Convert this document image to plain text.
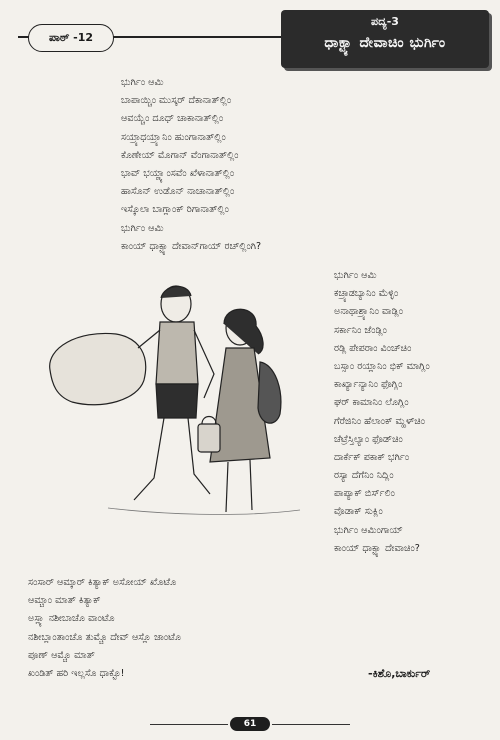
ಪಾಠ್ -12
ಪದ್ಯ-3
ಧಾಕ್ಟ್ಯಾ ದೇವಾಚಿಂ ಭುರ್ಗಿಂ
ಭುರ್ಗಿಂ ಆಮಿ
ಬಾಪಾಯ್ಚಿಂ ಮುಸ್ಕರ್ ದೆಕಾನಾತ್‌ಲ್ಲಿಂ
ಆವಯ್ಚೆಂ ದೂಧ್ ಚಾಕಾನಾತ್‌ಲ್ಲಿಂ
ಸಯ್ರ್ಯಾಧಯ್ರ್ಯಾನಿಂ ಹುಂಗಾನಾತ್‌ಲ್ಲಿಂ
ಕೊಣೇಯ್ ಮೊಗಾನ್ ವೆಂಗಾನಾತ್‌ಲ್ಲಿಂ
ಭಾವ್ ಭಯ್ಣ್ಯಾಂಸವೆಂ ಖೆಳಾನಾತ್‌ಲ್ಲಿಂ
ಹಾಸೊನ್ ಉಡೊನ್ ನಾಚಾನಾತ್‌ಲ್ಲಿಂ
ಇಸ್ಕೊಲಾ ಬಾಗ್ಲಾಂಕ್ ರಿಗಾನಾತ್‌ಲ್ಲಿಂ
ಭುರ್ಗಿಂ ಆಮಿ
ಕಾಂಯ್ ಧಾಕ್ಟ್ಯಾ ದೇವಾನ್‌ಗಾಯ್ ರಚ್‌ಲ್ಲಿಂಗಿ?
ಭುರ್ಗಿಂ ಆಮಿ
ಕಚ್ರ್ಯಾಡಬ್ಯಾನಿಂ ಮೆಳ್ಳಿಂ
ಅನಾಥಾಶ್ರ್ಯಾನಿಂ ವಾಡ್ಲಿಂ
ಸರ್ಕಾನಿಂ ಜೆಂಡ್ಲಿಂ
ರಡ್ಲಿ ಪೇಪರಾಂ ವಿಂಚ್‌ಚಿಂ
ಬಸ್ಸಾಂ ರಯ್ಲಾನಿಂ ಭಿಕ್ ಮಾಗ್ಲಿಂ
ಕಾರ್ಖ್ಯಾನ್ಯಾನಿಂ ಫೊಗ್ಲಿಂ
ಘರ್ ಕಾಮಾನಿಂ ಲೊಗ್ಲಿಂ
ಗೆರೆಜಿನಿಂ ಹೆಲಾಂಕ್ ಮ್ಹಳ್‌ಚಿಂ
ಚೆಟ್ರೆಸ್ತಿಲ್ಯಾಂ ಫೊಡ್‌ಚಿಂ
ದಾರ್ಕೆಕ್ ಪಕಾಕ್ ಭರ್ಗಿಂ
ರಸ್ಯಾ ದೆಗೆನಿಂ ನಿದ್ಲಿಂ
ಪಾಪ್ಯಾಕ್ ಬಿರ್ಸ್‌ಲಿಂ
ವೊಡಾಕ್ ಸುಕ್ಲಿಂ
ಭುರ್ಗಿಂ ಆಮಿಂಗಾಯ್
ಕಾಂಯ್ ಧಾಕ್ಟ್ಯಾ ದೇವಾಚಿಂ?
ಸಂಸಾರ್ ಆಮ್ಕಾರ್ ಕಿತ್ಯಾಕ್ ಅಸೋಯ್ ಖೊಟೊ
ಆಮ್ಚಾಂ ಮಾತ್ ಕಿತ್ಯಾಕ್
ಅಸ್ಲ್ಯಾ ನಶೀಬಾಚೊ ವಾಂಟೊ
ನಶೀಬ್ಲಾಂತಾಂಚೊ ತುಮ್ಚೊ ದೇವ್ ಆಸ್ಲೊ ಜಾಂಟೊ
ಪೂಣ್ ಆಮ್ಚೊ ಮಾತ್
ಖಂಡಿತ್ ಹರಿ ಇಲ್ಲಸೊ ಧಾಕ್ಟೊ!	-ಕಿಶೊ,ಬಾರ್ಕುರ್
61
